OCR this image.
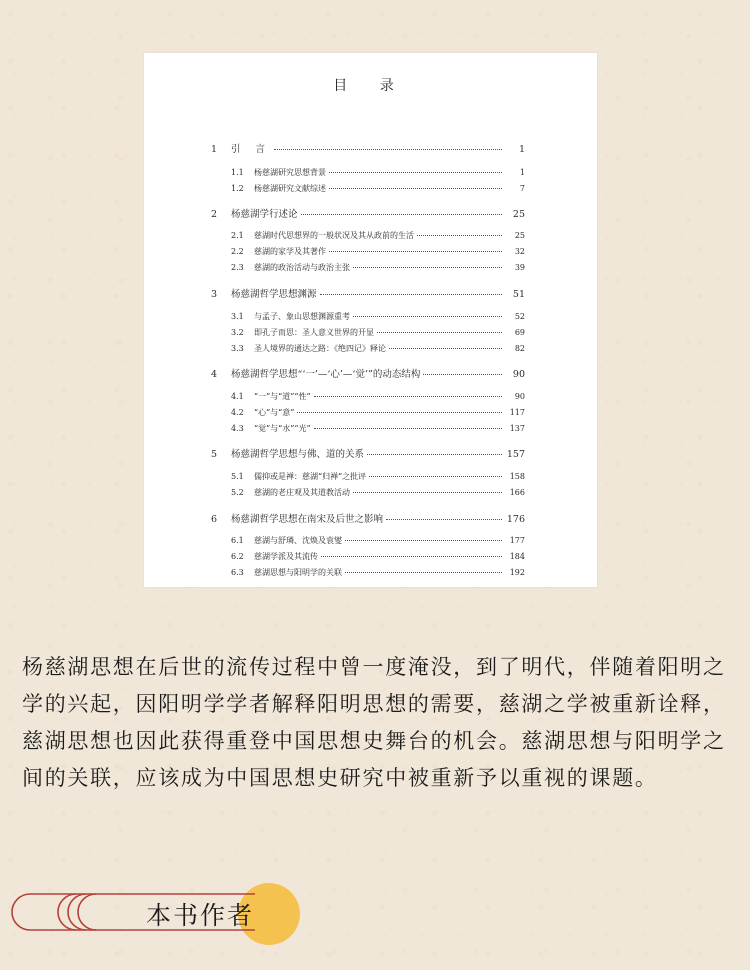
目 录
1	引 言	1
1.1	杨慈湖研究思想背景	1
1.2	杨慈湖研究文献综述	7
2	杨慈湖学行述论	25
2.1	慈湖时代思想界的一般状况及其从政前的生活	25
2.2	慈湖的家学及其著作	32
2.3	慈湖的政治活动与政治主张	39
3	杨慈湖哲学思想渊源	51
3.1	与孟子、象山思想渊源重考	52
3.2	即孔子而思：圣人意义世界的开显	69
3.3	圣人境界的通达之路：《绝四记》释论	82
4	杨慈湖哲学思想“‘一’—‘心’—‘觉’”的动态结构	90
4.1	“一”与“道”“性”	90
4.2	“心”与“意”	117
4.3	“觉”与“水”“光”	137
5	杨慈湖哲学思想与佛、道的关系	157
5.1	儒抑或是禅：慈湖“归禅”之批评	158
5.2	慈湖的老庄观及其道教活动	166
6	杨慈湖哲学思想在南宋及后世之影响	176
6.1	慈湖与舒璘、沈焕及袁燮	177
6.2	慈湖学派及其流传	184
6.3	慈湖思想与阳明学的关联	192

杨慈湖思想在后世的流传过程中曾一度淹没，到了明代，伴随着阳明之学的兴起，因阳明学学者解释阳明思想的需要，慈湖之学被重新诠释，慈湖思想也因此获得重登中国思想史舞台的机会。慈湖思想与阳明学之间的关联，应该成为中国思想史研究中被重新予以重视的课题。

本书作者
